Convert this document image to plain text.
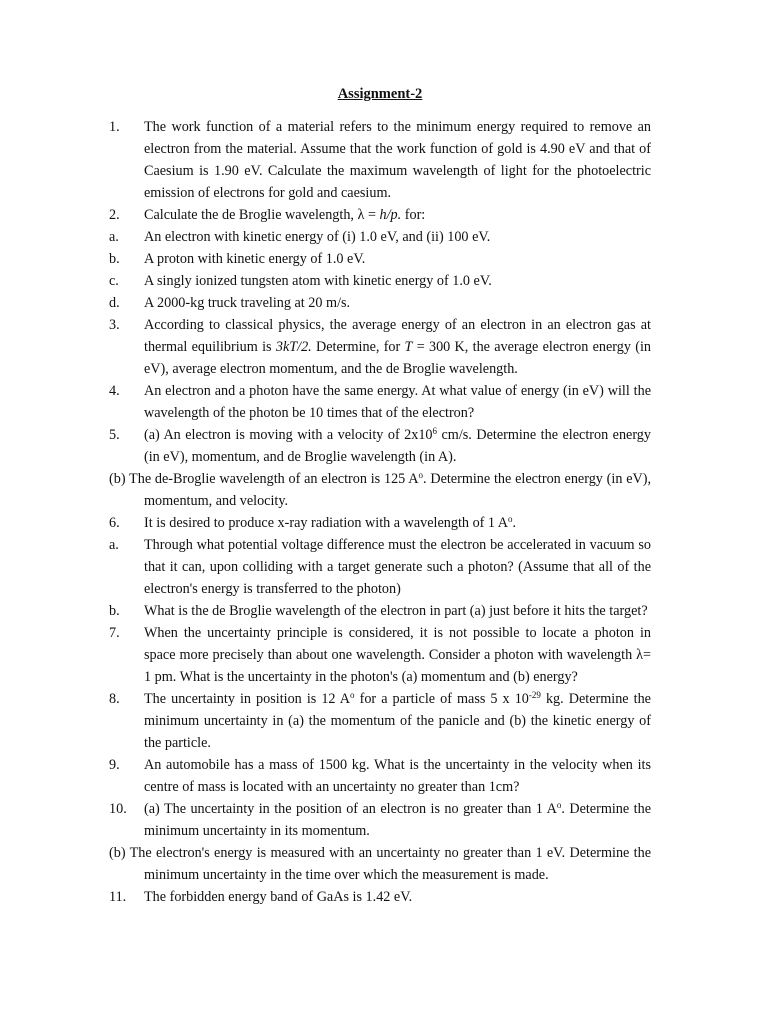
Assignment-2
1.	The work function of a material refers to the minimum energy required to remove an electron from the material. Assume that the work function of gold is 4.90 eV and that of Caesium is 1.90 eV. Calculate the maximum wavelength of light for the photoelectric emission of electrons for gold and caesium.
2.	Calculate the de Broglie wavelength, λ = h/p. for:
a.	An electron with kinetic energy of (i) 1.0 eV, and (ii) 100 eV.
b.	A proton with kinetic energy of 1.0 eV.
c.	A singly ionized tungsten atom with kinetic energy of 1.0 eV.
d.	A 2000-kg truck traveling at 20 m/s.
3.	According to classical physics, the average energy of an electron in an electron gas at thermal equilibrium is 3kT/2. Determine, for T = 300 K, the average electron energy (in eV), average electron momentum, and the de Broglie wavelength.
4.	An electron and a photon have the same energy. At what value of energy (in eV) will the wavelength of the photon be 10 times that of the electron?
5.	(a) An electron is moving with a velocity of $2x10^6$ cm/s. Determine the electron energy (in eV), momentum, and de Broglie wavelength (in A).
(b) The de-Broglie wavelength of an electron is 125 $A^o$. Determine the electron energy (in eV), momentum, and velocity.
6.	It is desired to produce x-ray radiation with a wavelength of 1 $A^o$.
a.	Through what potential voltage difference must the electron be accelerated in vacuum so that it can, upon colliding with a target generate such a photon? (Assume that all of the electron's energy is transferred to the photon)
b.	What is the de Broglie wavelength of the electron in part (a) just before it hits the target?
7.	When the uncertainty principle is considered, it is not possible to locate a photon in space more precisely than about one wavelength. Consider a photon with wavelength λ= 1 pm. What is the uncertainty in the photon's (a) momentum and (b) energy?
8.	The uncertainty in position is 12 $A^o$ for a particle of mass 5 x $10^{-29}$ kg. Determine the minimum uncertainty in (a) the momentum of the panicle and (b) the kinetic energy of the particle.
9.	An automobile has a mass of 1500 kg. What is the uncertainty in the velocity when its centre of mass is located with an uncertainty no greater than 1cm?
10.	(a) The uncertainty in the position of an electron is no greater than 1 $A^o$. Determine the minimum uncertainty in its momentum.
(b) The electron's energy is measured with an uncertainty no greater than 1 eV. Determine the minimum uncertainty in the time over which the measurement is made.
11.	The forbidden energy band of GaAs is 1.42 eV.
